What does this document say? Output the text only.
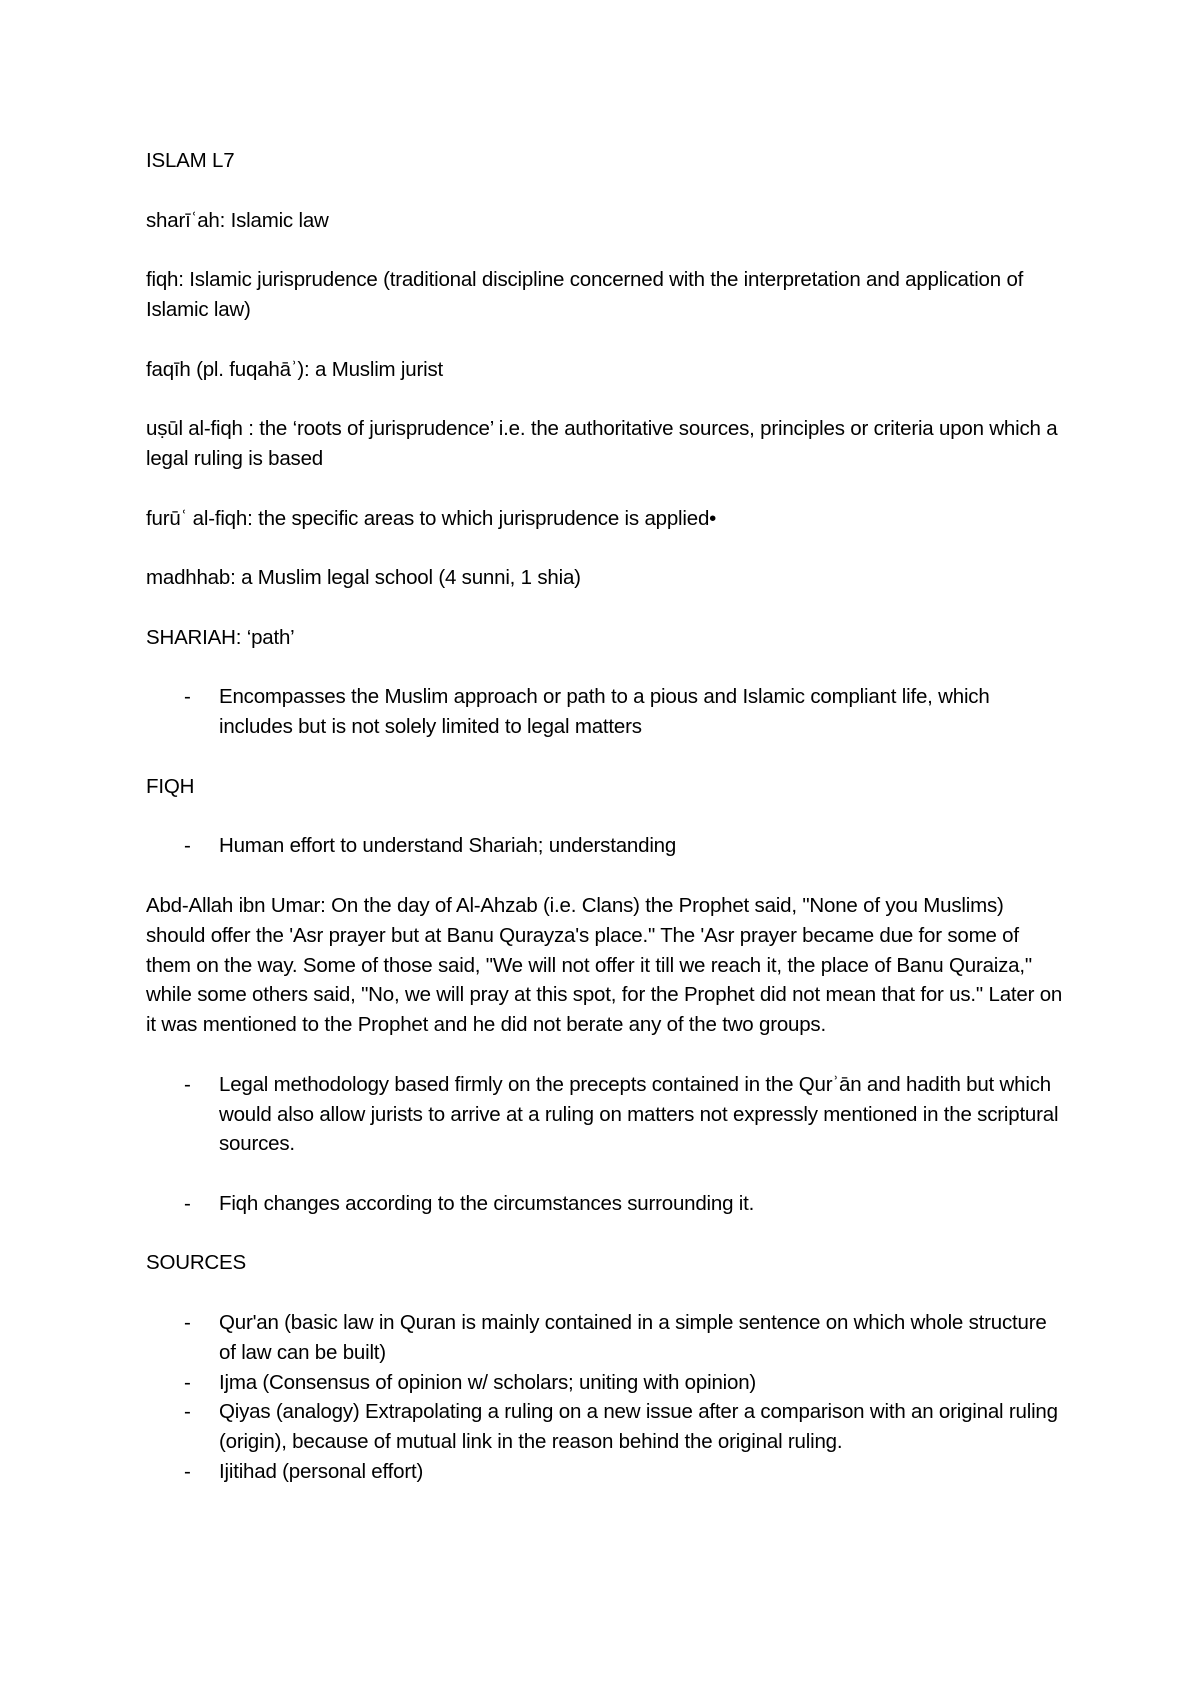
ISLAM L7

sharīʿah: Islamic law

fiqh: Islamic jurisprudence (traditional discipline concerned with the interpretation and application of Islamic law)

faqīh (pl. fuqahāʾ): a Muslim jurist

uṣūl al-fiqh : the ‘roots of jurisprudence’ i.e. the authoritative sources, principles or criteria upon which a legal ruling is based

furūʿ al-fiqh: the specific areas to which jurisprudence is applied•

madhhab: a Muslim legal school (4 sunni, 1 shia)

SHARIAH: ‘path’

- Encompasses the Muslim approach or path to a pious and Islamic compliant life, which includes but is not solely limited to legal matters

FIQH

- Human effort to understand Shariah; understanding

Abd-Allah ibn Umar: On the day of Al-Ahzab (i.e. Clans) the Prophet said, "None of you Muslims) should offer the 'Asr prayer but at Banu Qurayza's place." The 'Asr prayer became due for some of them on the way. Some of those said, "We will not offer it till we reach it, the place of Banu Quraiza," while some others said, "No, we will pray at this spot, for the Prophet did not mean that for us." Later on it was mentioned to the Prophet and he did not berate any of the two groups.

- Legal methodology based firmly on the precepts contained in the Qurʾān and hadith but which would also allow jurists to arrive at a ruling on matters not expressly mentioned in the scriptural sources.
- Fiqh changes according to the circumstances surrounding it.

SOURCES

- Qur'an (basic law in Quran is mainly contained in a simple sentence on which whole structure of law can be built)
- Ijma (Consensus of opinion w/ scholars; uniting with opinion)
- Qiyas (analogy) Extrapolating a ruling on a new issue after a comparison with an original ruling (origin), because of mutual link in the reason behind the original ruling.
- Ijitihad (personal effort)
